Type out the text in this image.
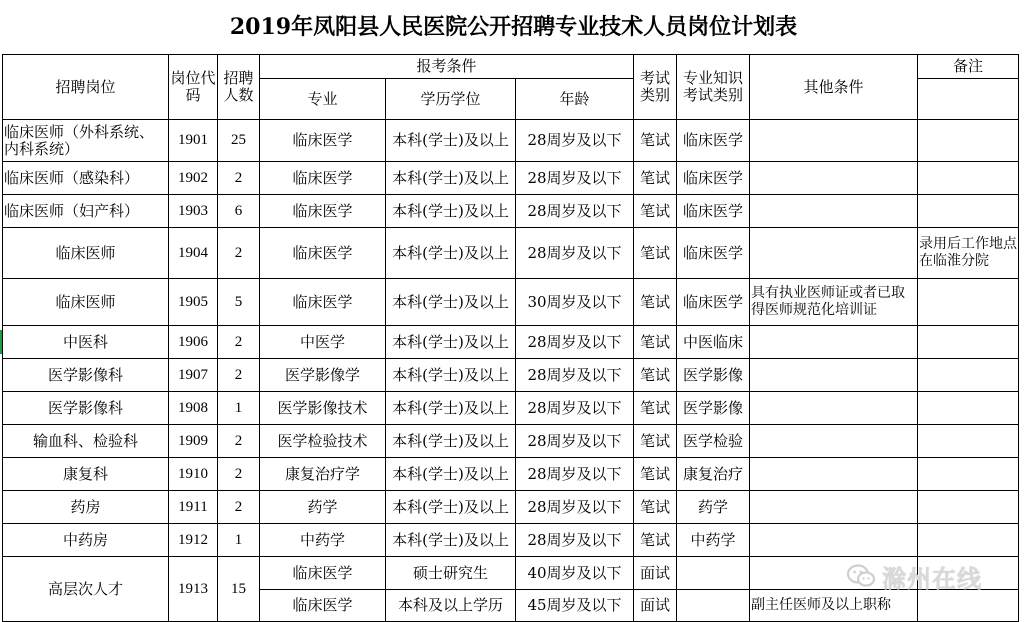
2019年凤阳县人民医院公开招聘专业技术人员岗位计划表
招聘岗位	岗位代码	招聘人数	报考条件			考试类别	专业知识考试类别	其他条件	备注
			专业	学历学位	年龄				
临床医师（外科系统、内科系统）	1901	25	临床医学	本科(学士)及以上	28周岁及以下	笔试	临床医学		
临床医师（感染科）	1902	2	临床医学	本科(学士)及以上	28周岁及以下	笔试	临床医学		
临床医师（妇产科）	1903	6	临床医学	本科(学士)及以上	28周岁及以下	笔试	临床医学		
临床医师	1904	2	临床医学	本科(学士)及以上	28周岁及以下	笔试	临床医学		录用后工作地点在临淮分院
临床医师	1905	5	临床医学	本科(学士)及以上	30周岁及以下	笔试	临床医学	具有执业医师证或者已取得医师规范化培训证	
中医科	1906	2	中医学	本科(学士)及以上	28周岁及以下	笔试	中医临床		
医学影像科	1907	2	医学影像学	本科(学士)及以上	28周岁及以下	笔试	医学影像		
医学影像科	1908	1	医学影像技术	本科(学士)及以上	28周岁及以下	笔试	医学影像		
输血科、检验科	1909	2	医学检验技术	本科(学士)及以上	28周岁及以下	笔试	医学检验		
康复科	1910	2	康复治疗学	本科(学士)及以上	28周岁及以下	笔试	康复治疗		
药房	1911	2	药学	本科(学士)及以上	28周岁及以下	笔试	药学		
中药房	1912	1	中药学	本科(学士)及以上	28周岁及以下	笔试	中药学		
高层次人才	1913	15	临床医学	硕士研究生	40周岁及以下	面试			
			临床医学	本科及以上学历	45周岁及以下	面试		副主任医师及以上职称	
滁州在线
